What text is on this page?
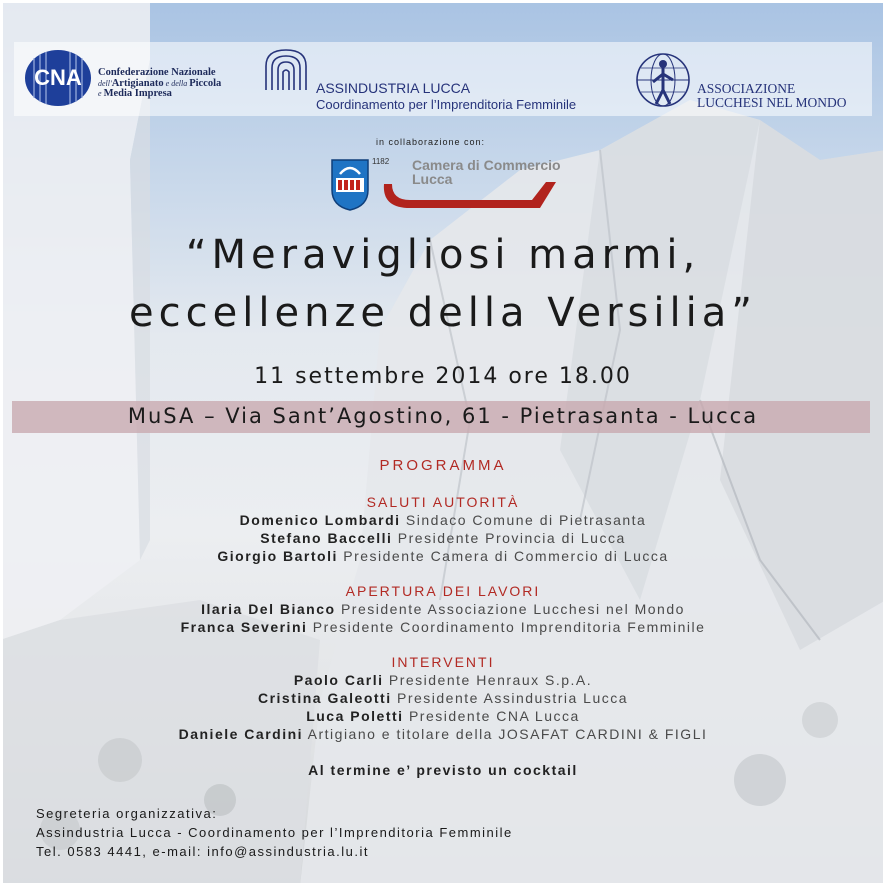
CNA Confederazione Nazionale
dell'Artigianato e della Piccola
e Media Impresa	ASSINDUSTRIA LUCCA
Coordinamento per l’Imprenditoria Femminile
ASSOCIAZIONE
LUCCHESI NEL MONDO
in collaborazione con:
1182 Camera di Commercio
Lucca
“Meravigliosi marmi,
eccellenze della Versilia”
11 settembre 2014 ore 18.00
MuSA – Via Sant’Agostino, 61 - Pietrasanta - Lucca
PROGRAMMA
SALUTI AUTORITÀ
Domenico Lombardi Sindaco Comune di Pietrasanta
Stefano Baccelli Presidente Provincia di Lucca
Giorgio Bartoli Presidente Camera di Commercio di Lucca
APERTURA DEI LAVORI
Ilaria Del Bianco Presidente Associazione Lucchesi nel Mondo
Franca Severini Presidente Coordinamento Imprenditoria Femminile
INTERVENTI
Paolo Carli Presidente Henraux S.p.A.
Cristina Galeotti Presidente Assindustria Lucca
Luca Poletti Presidente CNA Lucca
Daniele Cardini Artigiano e titolare della JOSAFAT CARDINI & FIGLI
Al termine e’ previsto un cocktail
Segreteria organizzativa:
Assindustria Lucca - Coordinamento per l’Imprenditoria Femminile
Tel. 0583 4441, e-mail: info@assindustria.lu.it
